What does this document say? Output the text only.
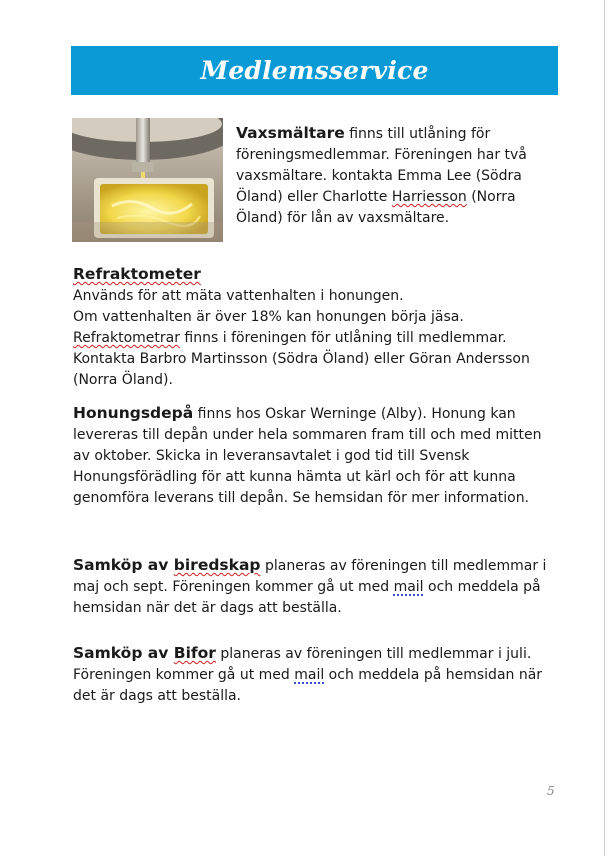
Medlemsservice

Vaxsmältare finns till utlåning för

föreningsmedlemmar. Föreningen har två

vaxsmältare. kontakta Emma Lee (Södra

Öland) eller Charlotte Harriesson (Norra

Öland) för lån av vaxsmältare.

Refraktometer

Används för att mäta vattenhalten i honungen.

Om vattenhalten är över 18% kan honungen börja jäsa.

Refraktometrar finns i föreningen för utlåning till medlemmar.

Kontakta Barbro Martinsson (Södra Öland) eller Göran Andersson

(Norra Öland).

Honungsdepå finns hos Oskar Werninge (Alby). Honung kan

levereras till depån under hela sommaren fram till och med mitten

av oktober. Skicka in leveransavtalet i god tid till Svensk

Honungsförädling för att kunna hämta ut kärl och för att kunna

genomföra leverans till depån. Se hemsidan för mer information.

Samköp av biredskap planeras av föreningen till medlemmar i

maj och sept. Föreningen kommer gå ut med mail och meddela på

hemsidan när det är dags att beställa.

Samköp av Bifor planeras av föreningen till medlemmar i juli.

Föreningen kommer gå ut med mail och meddela på hemsidan när

det är dags att beställa.

5
